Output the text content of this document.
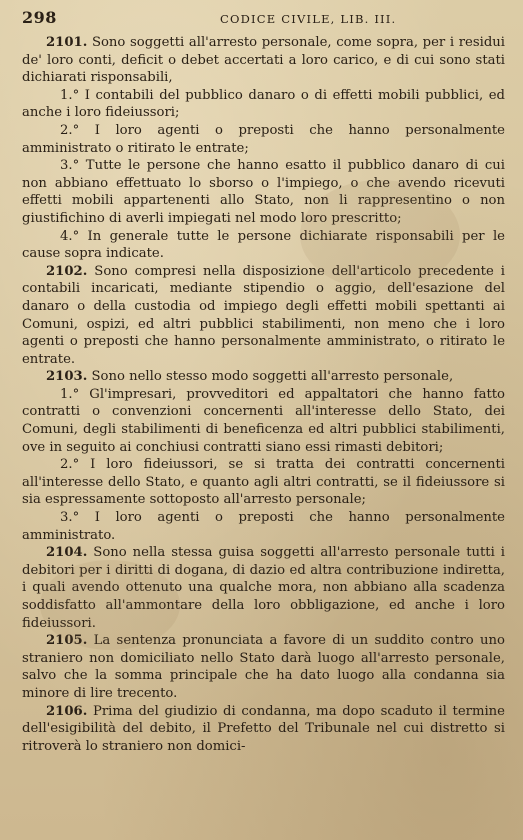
298	CODICE CIVILE, LIB. III.

2101. Sono soggetti all'arresto personale, come sopra, per i residui de' loro conti, deficit o debet accertati a loro carico, e di cui sono stati dichiarati risponsabili,

1.° I contabili del pubblico danaro o di effetti mobili pubblici, ed anche i loro fideiussori;

2.° I loro agenti o preposti che hanno personalmente amministrato o ritirato le entrate;

3.° Tutte le persone che hanno esatto il pubblico danaro di cui non abbiano effettuato lo sborso o l'impiego, o che avendo ricevuti effetti mobili appartenenti allo Stato, non li rappresentino o non giustifichino di averli impiegati nel modo loro prescritto;

4.° In generale tutte le persone dichiarate risponsabili per le cause sopra indicate.

2102. Sono compresi nella disposizione dell'articolo precedente i contabili incaricati, mediante stipendio o aggio, dell'esazione del danaro o della custodia od impiego degli effetti mobili spettanti ai Comuni, ospizi, ed altri pubblici stabilimenti, non meno che i loro agenti o preposti che hanno personalmente amministrato, o ritirato le entrate.

2103. Sono nello stesso modo soggetti all'arresto personale,

1.° Gl'impresari, provveditori ed appaltatori che hanno fatto contratti o convenzioni concernenti all'interesse dello Stato, dei Comuni, degli stabilimenti di beneficenza ed altri pubblici stabilimenti, ove in seguito ai conchiusi contratti siano essi rimasti debitori;

2.° I loro fideiussori, se si tratta dei contratti concernenti all'interesse dello Stato, e quanto agli altri contratti, se il fideiussore si sia espressamente sottoposto all'arresto personale;

3.° I loro agenti o preposti che hanno personalmente amministrato.

2104. Sono nella stessa guisa soggetti all'arresto personale tutti i debitori per i diritti di dogana, di dazio ed altra contribuzione indiretta, i quali avendo ottenuto una qualche mora, non abbiano alla scadenza soddisfatto all'ammontare della loro obbligazione, ed anche i loro fideiussori.

2105. La sentenza pronunciata a favore di un suddito contro uno straniero non domiciliato nello Stato darà luogo all'arresto personale, salvo che la somma principale che ha dato luogo alla condanna sia minore di lire trecento.

2106. Prima del giudizio di condanna, ma dopo scaduto il termine dell'esigibilità del debito, il Prefetto del Tribunale nel cui distretto si ritroverà lo straniero non domici-
